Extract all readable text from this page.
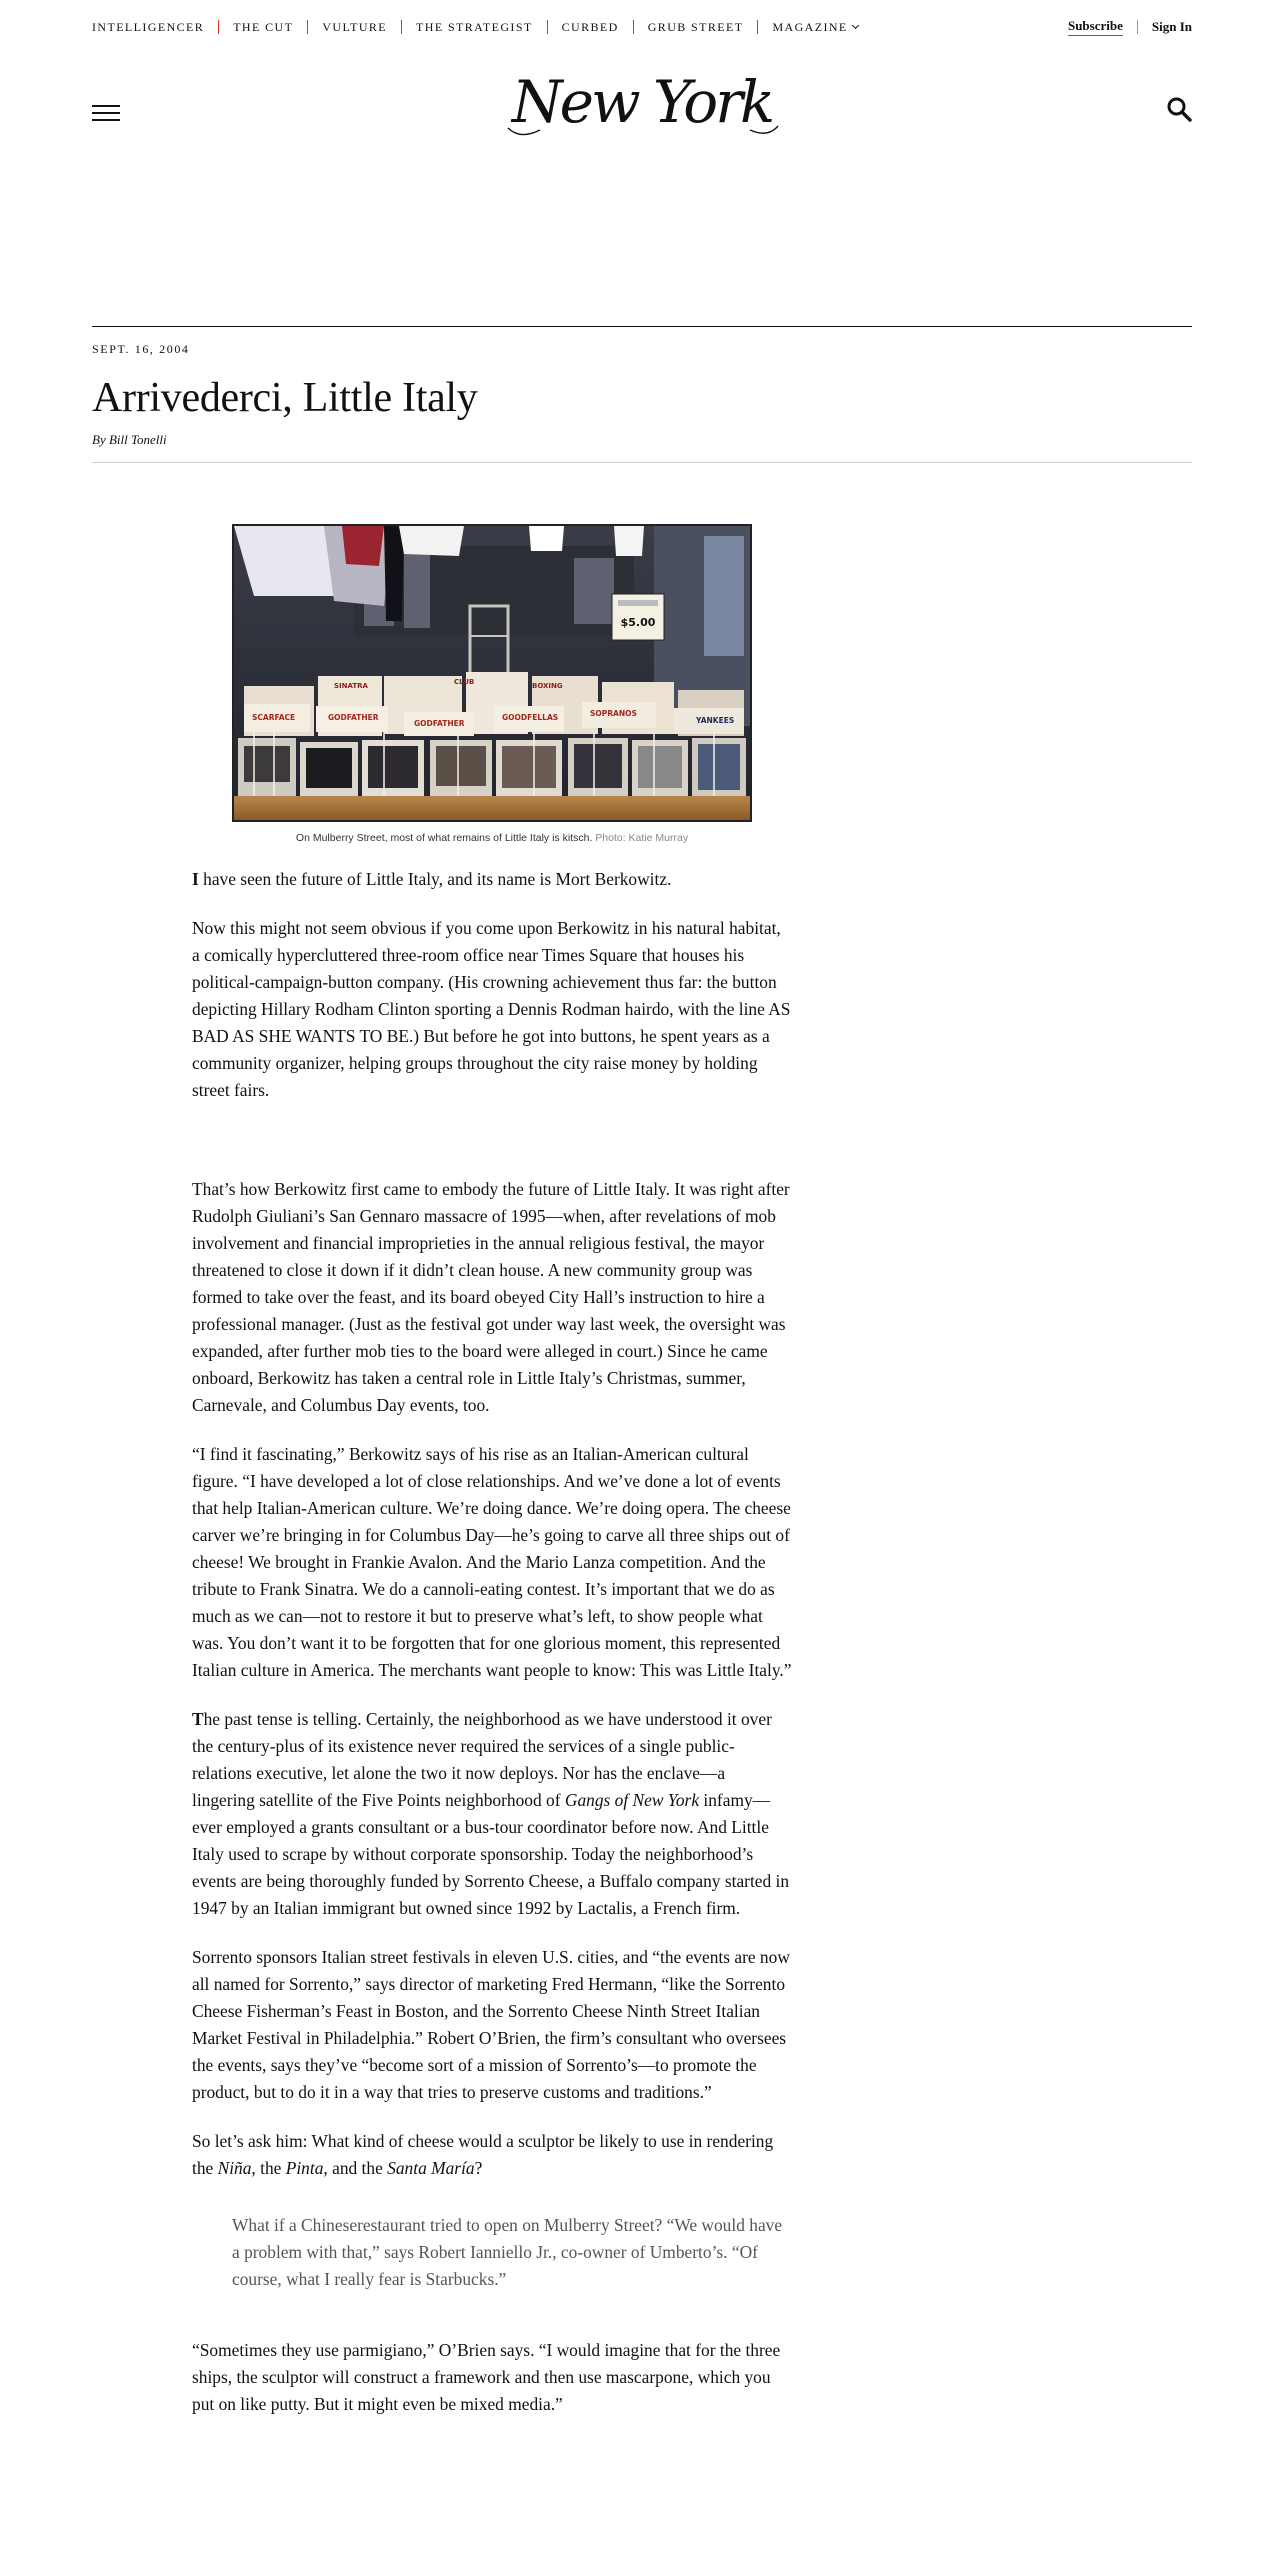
INTELLIGENCER	THE CUT	VULTURE	THE STRATEGIST	CURBED	GRUB STREET	MAGAZINE	Subscribe Sign In
New York
SEPT. 16, 2004
Arrivederci, Little Italy
By Bill Tonelli
$5.00
SINATRA	BOXING
CLUB
SCARFACE	GODFATHER
GODFATHER
GOODFELLAS	SOPRANOS
YANKEES
On Mulberry Street, most of what remains of Little Italy is kitsch. Photo: Katie Murray

I have seen the future of Little Italy, and its name is Mort Berkowitz.

Now this might not seem obvious if you come upon Berkowitz in his natural habitat, a comically hypercluttered three-room office near Times Square that houses his political-campaign-button company. (His crowning achievement thus far: the button depicting Hillary Rodham Clinton sporting a Dennis Rodman hairdo, with the line AS BAD AS SHE WANTS TO BE.) But before he got into buttons, he spent years as a community organizer, helping groups throughout the city raise money by holding street fairs.

That’s how Berkowitz first came to embody the future of Little Italy. It was right after Rudolph Giuliani’s San Gennaro massacre of 1995—when, after revelations of mob involvement and financial improprieties in the annual religious festival, the mayor threatened to close it down if it didn’t clean house. A new community group was formed to take over the feast, and its board obeyed City Hall’s instruction to hire a professional manager. (Just as the festival got under way last week, the oversight was expanded, after further mob ties to the board were alleged in court.) Since he came onboard, Berkowitz has taken a central role in Little Italy’s Christmas, summer, Carnevale, and Columbus Day events, too.

“I find it fascinating,” Berkowitz says of his rise as an Italian-American cultural figure. “I have developed a lot of close relationships. And we’ve done a lot of events that help Italian-American culture. We’re doing dance. We’re doing opera. The cheese carver we’re bringing in for Columbus Day—he’s going to carve all three ships out of cheese! We brought in Frankie Avalon. And the Mario Lanza competition. And the tribute to Frank Sinatra. We do a cannoli-eating contest. It’s important that we do as much as we can—not to restore it but to preserve what’s left, to show people what was. You don’t want it to be forgotten that for one glorious moment, this represented Italian culture in America. The merchants want people to know: This was Little Italy.”

The past tense is telling. Certainly, the neighborhood as we have understood it over the century-plus of its existence never required the services of a single public-relations executive, let alone the two it now deploys. Nor has the enclave—a lingering satellite of the Five Points neighborhood of Gangs of New York infamy—ever employed a grants consultant or a bus-tour coordinator before now. And Little Italy used to scrape by without corporate sponsorship. Today the neighborhood’s events are being thoroughly funded by Sorrento Cheese, a Buffalo company started in 1947 by an Italian immigrant but owned since 1992 by Lactalis, a French firm.

Sorrento sponsors Italian street festivals in eleven U.S. cities, and “the events are now all named for Sorrento,” says director of marketing Fred Hermann, “like the Sorrento Cheese Fisherman’s Feast in Boston, and the Sorrento Cheese Ninth Street Italian Market Festival in Philadelphia.” Robert O’Brien, the firm’s consultant who oversees the events, says they’ve “become sort of a mission of Sorrento’s—to promote the product, but to do it in a way that tries to preserve customs and traditions.”

So let’s ask him: What kind of cheese would a sculptor be likely to use in rendering the Niña, the Pinta, and the Santa María?

What if a Chineserestaurant tried to open on Mulberry Street? “We would have a problem with that,” says Robert Ianniello Jr., co-owner of Umberto’s. “Of course, what I really fear is Starbucks.”

“Sometimes they use parmigiano,” O’Brien says. “I would imagine that for the three ships, the sculptor will construct a framework and then use mascarpone, which you put on like putty. But it might even be mixed media.”
